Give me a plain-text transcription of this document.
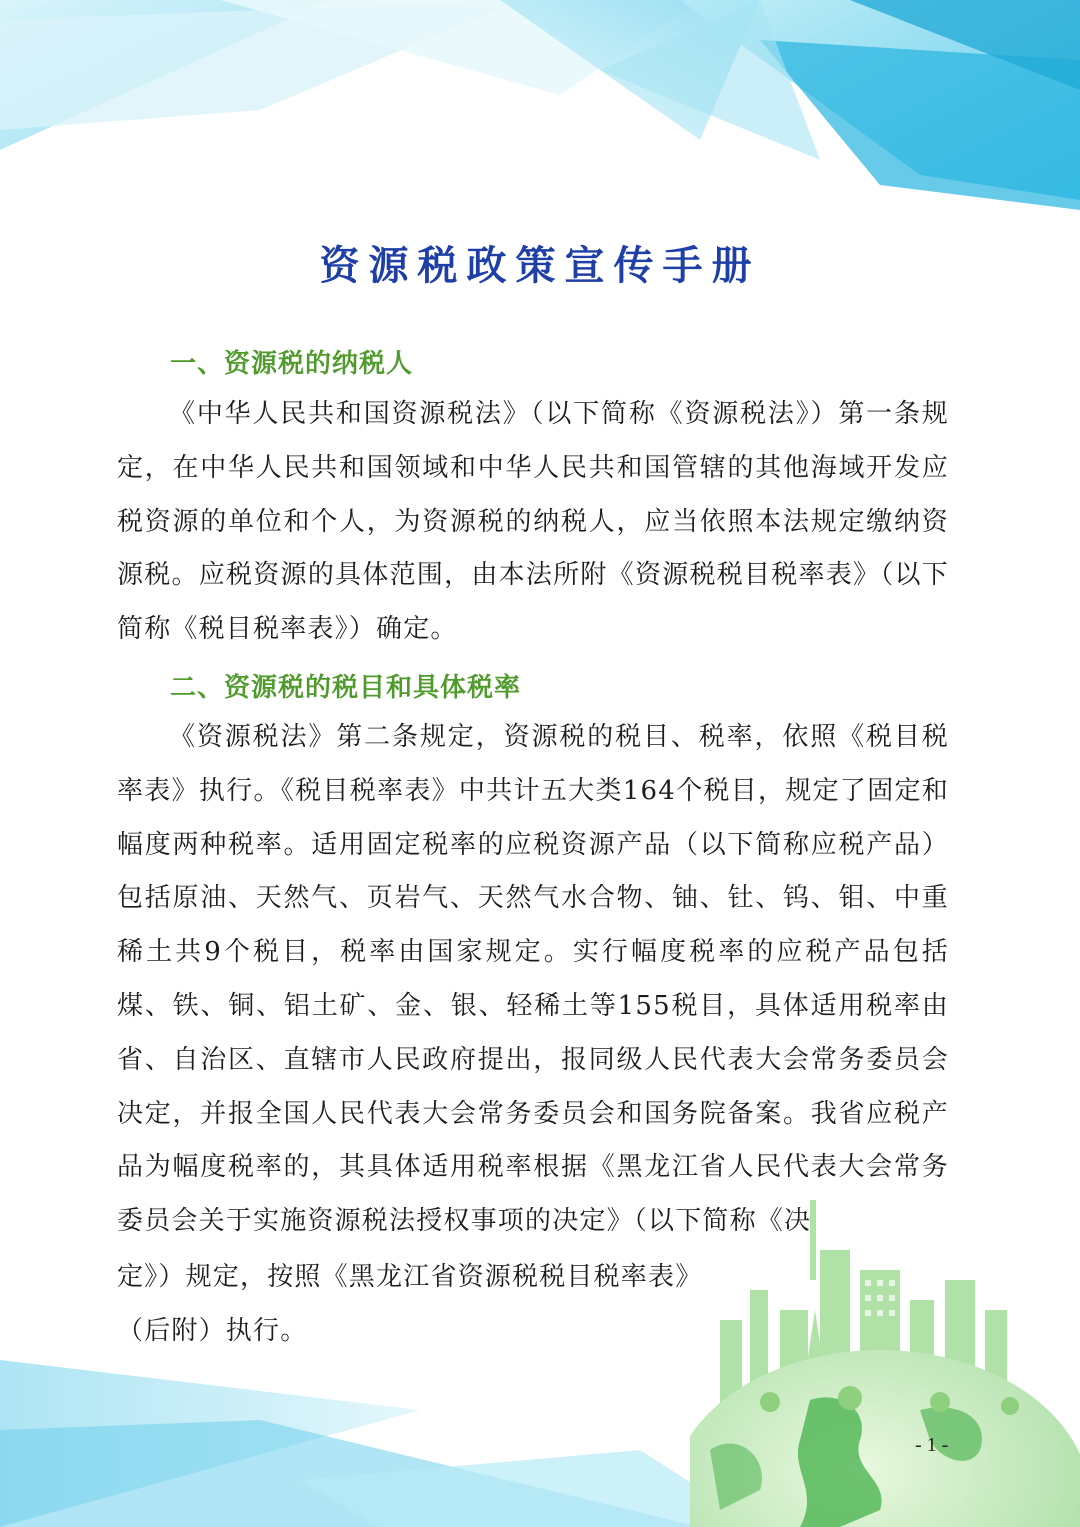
资源税政策宣传手册
一、资源税的纳税人

《中华人民共和国资源税法》（以下简称《资源税法》）第一条规定，在中华人民共和国领域和中华人民共和国管辖的其他海域开发应税资源的单位和个人，为资源税的纳税人，应当依照本法规定缴纳资源税。应税资源的具体范围，由本法所附《资源税税目税率表》（以下简称《税目税率表》）确定。

二、资源税的税目和具体税率

《资源税法》第二条规定，资源税的税目、税率，依照《税目税率表》执行。《税目税率表》中共计五大类164个税目，规定了固定和幅度两种税率。适用固定税率的应税资源产品（以下简称应税产品）包括原油、天然气、页岩气、天然气水合物、铀、钍、钨、钼、中重稀土共9个税目，税率由国家规定。实行幅度税率的应税产品包括煤、铁、铜、铝土矿、金、银、轻稀土等155税目，具体适用税率由省、自治区、直辖市人民政府提出，报同级人民代表大会常务委员会决定，并报全国人民代表大会常务委员会和国务院备案。我省应税产品为幅度税率的，其具体适用税率根据《黑龙江省人民代表大会常务委员会关于实施资源税法授权事项的决定》（以下简称《决

定》）规定，按照《黑龙江省资源税税目税率表》（后附）执行。
- 1 -
